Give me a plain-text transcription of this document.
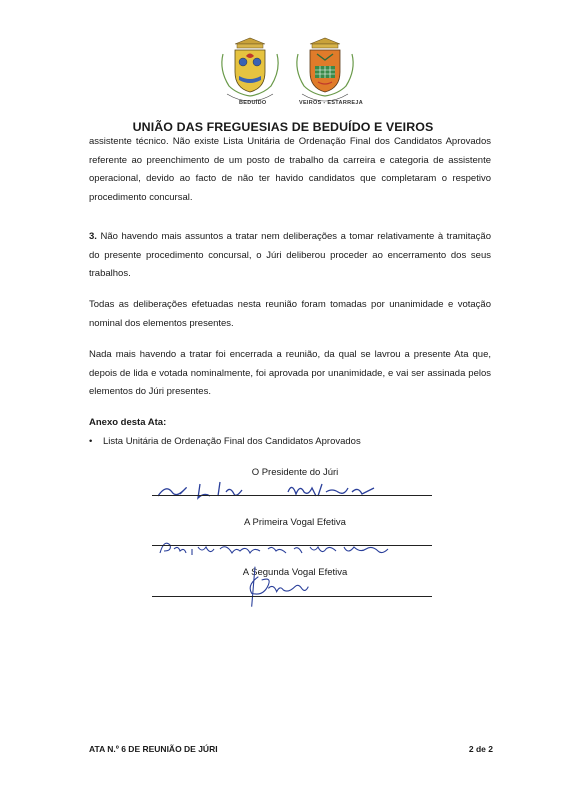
BEDUÍDO	VEIROS - ESTARREJA
UNIÃO DAS FREGUESIAS DE BEDUÍDO E VEIROS

assistente técnico. Não existe Lista Unitária de Ordenação Final dos Candidatos Aprovados referente ao preenchimento de um posto de trabalho da carreira e categoria de assistente operacional, devido ao facto de não ter havido candidatos que completaram o respetivo procedimento concursal.

3. Não havendo mais assuntos a tratar nem deliberações a tomar relativamente à tramitação do presente procedimento concursal, o Júri deliberou proceder ao encerramento dos seus trabalhos.

Todas as deliberações efetuadas nesta reunião foram tomadas por unanimidade e votação nominal dos elementos presentes.

Nada mais havendo a tratar foi encerrada a reunião, da qual se lavrou a presente Ata que, depois de lida e votada nominalmente, foi aprovada por unanimidade, e vai ser assinada pelos elementos do Júri presentes.

Anexo desta Ata:
• Lista Unitária de Ordenação Final dos Candidatos Aprovados
O Presidente do Júri
A Primeira Vogal Efetiva
A Segunda Vogal Efetiva
ATA N.º 6 DE REUNIÃO DE JÚRI	2 de 2
